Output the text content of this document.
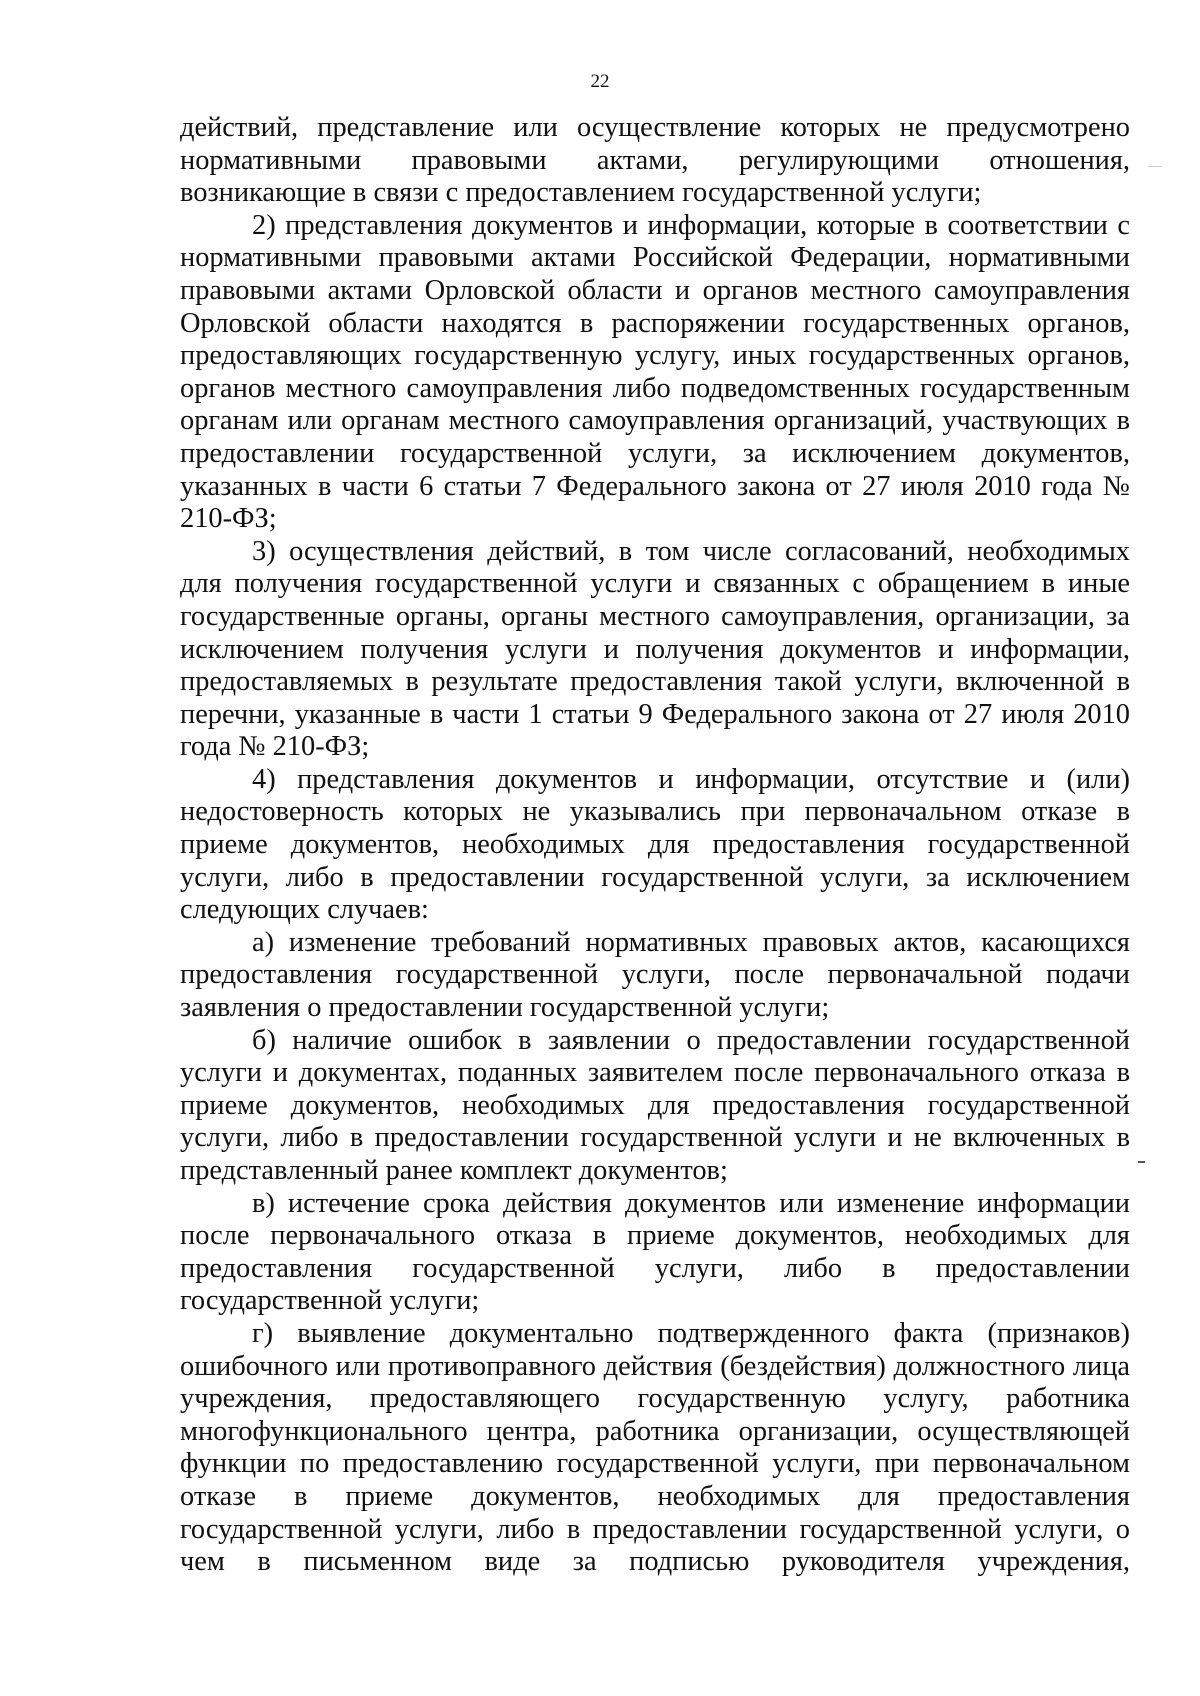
22

действий, представление или осуществление которых не предусмотрено нормативными правовыми актами, регулирующими отношения, возникающие в связи с предоставлением государственной услуги;

2) представления документов и информации, которые в соответствии с нормативными правовыми актами Российской Федерации, нормативными правовыми актами Орловской области и органов местного самоуправления Орловской области находятся в распоряжении государственных органов, предоставляющих государственную услугу, иных государственных органов, органов местного самоуправления либо подведомственных государственным органам или органам местного самоуправления организаций, участвующих в предоставлении государственной услуги, за исключением документов, указанных в части 6 статьи 7 Федерального закона от 27 июля 2010 года № 210-ФЗ;

3) осуществления действий, в том числе согласований, необходимых для получения государственной услуги и связанных с обращением в иные государственные органы, органы местного самоуправления, организации, за исключением получения услуги и получения документов и информации, предоставляемых в результате предоставления такой услуги, включенной в перечни, указанные в части 1 статьи 9 Федерального закона от 27 июля 2010 года № 210-ФЗ;

4) представления документов и информации, отсутствие и (или) недостоверность которых не указывались при первоначальном отказе в приеме документов, необходимых для предоставления государственной услуги, либо в предоставлении государственной услуги, за исключением следующих случаев:

а) изменение требований нормативных правовых актов, касающихся предоставления государственной услуги, после первоначальной подачи заявления о предоставлении государственной услуги;

б) наличие ошибок в заявлении о предоставлении государственной услуги и документах, поданных заявителем после первоначального отказа в приеме документов, необходимых для предоставления государственной услуги, либо в предоставлении государственной услуги и не включенных в представленный ранее комплект документов;

в) истечение срока действия документов или изменение информации после первоначального отказа в приеме документов, необходимых для предоставления государственной услуги, либо в предоставлении государственной услуги;

г) выявление документально подтвержденного факта (признаков) ошибочного или противоправного действия (бездействия) должностного лица учреждения, предоставляющего государственную услугу, работника многофункционального центра, работника организации, осуществляющей функции по предоставлению государственной услуги, при первоначальном отказе в приеме документов, необходимых для предоставления государственной услуги, либо в предоставлении государственной услуги, о чем в письменном виде за подписью руководителя учреждения,
